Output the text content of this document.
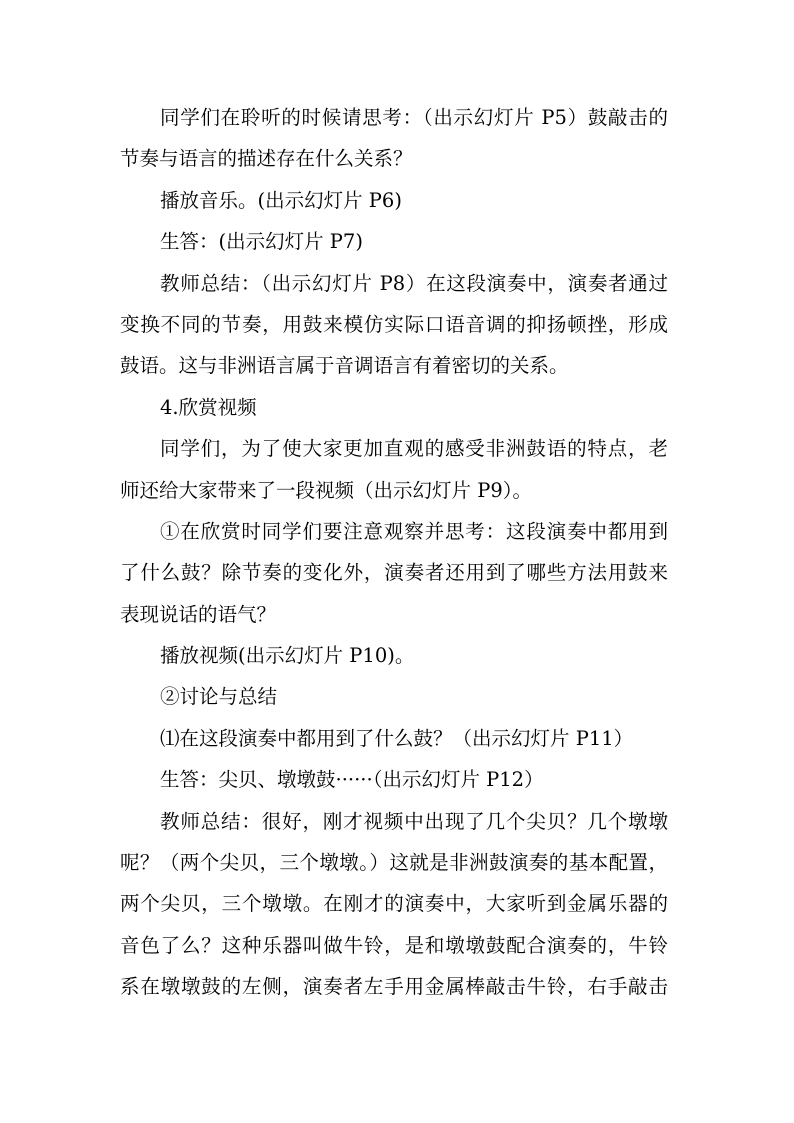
同学们在聆听的时候请思考：（出示幻灯片 P5）鼓敲击的

节奏与语言的描述存在什么关系？

播放音乐。(出示幻灯片 P6)

生答：(出示幻灯片 P7)

教师总结：（出示幻灯片 P8）在这段演奏中，演奏者通过

变换不同的节奏，用鼓来模仿实际口语音调的抑扬顿挫，形成

鼓语。这与非洲语言属于音调语言有着密切的关系。

4.欣赏视频

同学们，为了使大家更加直观的感受非洲鼓语的特点，老

师还给大家带来了一段视频（出示幻灯片 P9）。

①在欣赏时同学们要注意观察并思考：这段演奏中都用到

了什么鼓？除节奏的变化外，演奏者还用到了哪些方法用鼓来

表现说话的语气？

播放视频(出示幻灯片 P10)。

②讨论与总结

⑴在这段演奏中都用到了什么鼓？（出示幻灯片 P11）

生答：尖贝、墩墩鼓······（出示幻灯片 P12）

教师总结：很好，刚才视频中出现了几个尖贝？几个墩墩

呢？（两个尖贝，三个墩墩。）这就是非洲鼓演奏的基本配置，

两个尖贝，三个墩墩。在刚才的演奏中，大家听到金属乐器的

音色了么？这种乐器叫做牛铃，是和墩墩鼓配合演奏的，牛铃

系在墩墩鼓的左侧，演奏者左手用金属棒敲击牛铃，右手敲击
